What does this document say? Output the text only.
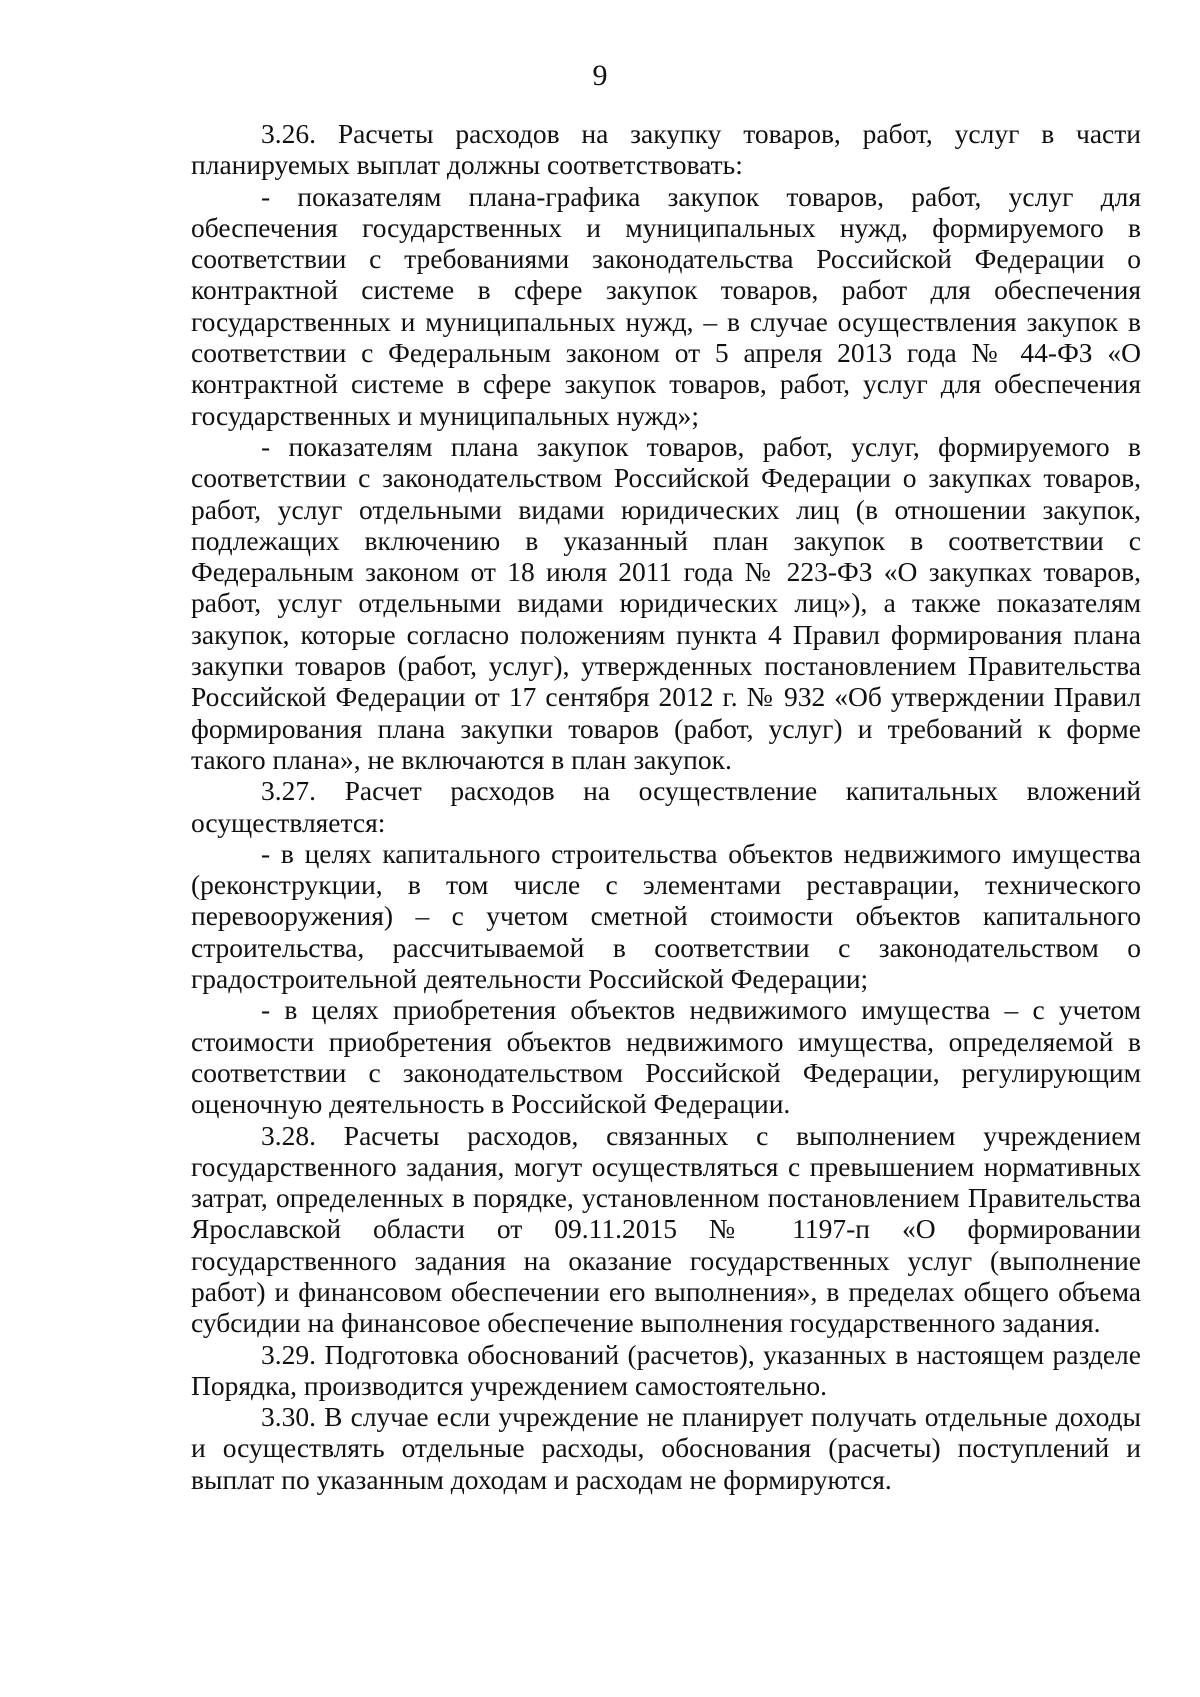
9

3.26. Расчеты расходов на закупку товаров, работ, услуг в части планируемых выплат должны соответствовать:

- показателям плана-графика закупок товаров, работ, услуг для обеспечения государственных и муниципальных нужд, формируемого в соответствии с требованиями законодательства Российской Федерации о контрактной системе в сфере закупок товаров, работ для обеспечения государственных и муниципальных нужд, – в случае осуществления закупок в соответствии с Федеральным законом от 5 апреля 2013 года № 44-ФЗ «О контрактной системе в сфере закупок товаров, работ, услуг для обеспечения государственных и муниципальных нужд»;

- показателям плана закупок товаров, работ, услуг, формируемого в соответствии с законодательством Российской Федерации о закупках товаров, работ, услуг отдельными видами юридических лиц (в отношении закупок, подлежащих включению в указанный план закупок в соответствии с Федеральным законом от 18 июля 2011 года № 223-ФЗ «О закупках товаров, работ, услуг отдельными видами юридических лиц»), а также показателям закупок, которые согласно положениям пункта 4 Правил формирования плана закупки товаров (работ, услуг), утвержденных постановлением Правительства Российской Федерации от 17 сентября 2012 г. № 932 «Об утверждении Правил формирования плана закупки товаров (работ, услуг) и требований к форме такого плана», не включаются в план закупок.

3.27. Расчет расходов на осуществление капитальных вложений осуществляется:

- в целях капитального строительства объектов недвижимого имущества (реконструкции, в том числе с элементами реставрации, технического перевооружения) – с учетом сметной стоимости объектов капитального строительства, рассчитываемой в соответствии с законодательством о градостроительной деятельности Российской Федерации;

- в целях приобретения объектов недвижимого имущества – с учетом стоимости приобретения объектов недвижимого имущества, определяемой в соответствии с законодательством Российской Федерации, регулирующим оценочную деятельность в Российской Федерации.

3.28. Расчеты расходов, связанных с выполнением учреждением государственного задания, могут осуществляться с превышением нормативных затрат, определенных в порядке, установленном постановлением Правительства Ярославской области от 09.11.2015 № 1197-п «О формировании государственного задания на оказание государственных услуг (выполнение работ) и финансовом обеспечении его выполнения», в пределах общего объема субсидии на финансовое обеспечение выполнения государственного задания.

3.29. Подготовка обоснований (расчетов), указанных в настоящем разделе Порядка, производится учреждением самостоятельно.

3.30. В случае если учреждение не планирует получать отдельные доходы и осуществлять отдельные расходы, обоснования (расчеты) поступлений и выплат по указанным доходам и расходам не формируются.
